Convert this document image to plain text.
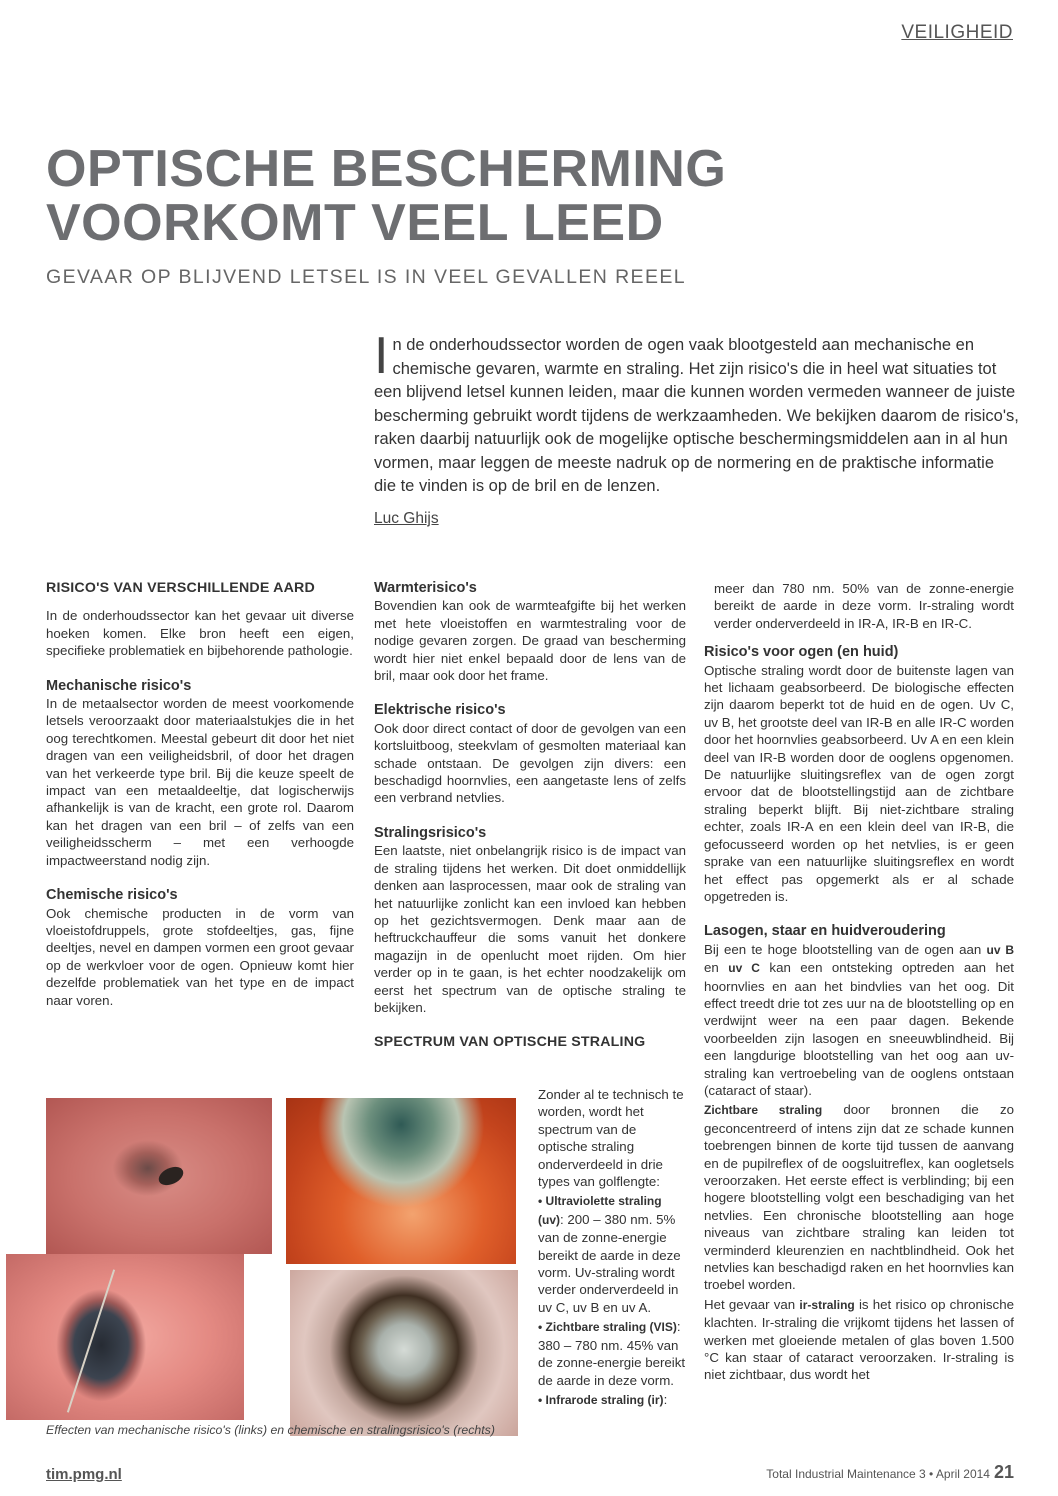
VEILIGHEID
OPTISCHE BESCHERMING
VOORKOMT VEEL LEED
GEVAAR OP BLIJVEND LETSEL IS IN VEEL GEVALLEN REEEL

In de onderhoudssector worden de ogen vaak blootgesteld aan mechanische en chemische gevaren, warmte en straling. Het zijn risico's die in heel wat situaties tot een blijvend letsel kunnen leiden, maar die kunnen worden vermeden wanneer de juiste bescherming gebruikt wordt tijdens de werkzaamheden. We bekijken daarom de risico's, raken daarbij natuurlijk ook de mogelijke optische beschermingsmiddelen aan in al hun vormen, maar leggen de meeste nadruk op de normering en de praktische informatie die te vinden is op de bril en de lenzen.

Luc Ghijs
RISICO'S VAN VERSCHILLENDE AARD

In de onderhoudssector kan het gevaar uit diverse hoeken komen. Elke bron heeft een eigen, specifieke problematiek en bijbehorende pathologie.

Mechanische risico's

In de metaalsector worden de meest voorkomende letsels veroorzaakt door materiaalstukjes die in het oog terechtkomen. Meestal gebeurt dit door het niet dragen van een veiligheidsbril, of door het dragen van het verkeerde type bril. Bij die keuze speelt de impact van een metaaldeeltje, dat logischerwijs afhankelijk is van de kracht, een grote rol. Daarom kan het dragen van een bril – of zelfs van een veiligheidsscherm – met een verhoogde impactweerstand nodig zijn.

Chemische risico's

Ook chemische producten in de vorm van vloeistofdruppels, grote stofdeeltjes, gas, fijne deeltjes, nevel en dampen vormen een groot gevaar op de werkvloer voor de ogen. Opnieuw komt hier dezelfde problematiek van het type en de impact naar voren.

Warmterisico's

Bovendien kan ook de warmteafgifte bij het werken met hete vloeistoffen en warmtestraling voor de nodige gevaren zorgen. De graad van bescherming wordt hier niet enkel bepaald door de lens van de bril, maar ook door het frame.

Elektrische risico's

Ook door direct contact of door de gevolgen van een kortsluitboog, steekvlam of gesmolten materiaal kan schade ontstaan. De gevolgen zijn divers: een beschadigd hoornvlies, een aangetaste lens of zelfs een verbrand netvlies.

Stralingsrisico's

Een laatste, niet onbelangrijk risico is de impact van de straling tijdens het werken. Dit doet onmiddellijk denken aan lasprocessen, maar ook de straling van het natuurlijke zonlicht kan een invloed kan hebben op het gezichtsvermogen. Denk maar aan de heftruckchauffeur die soms vanuit het donkere magazijn in de openlucht moet rijden. Om hier verder op in te gaan, is het echter noodzakelijk om eerst het spectrum van de optische straling te bekijken.

SPECTRUM VAN OPTISCHE STRALING

Zonder al te technisch te worden, wordt het spectrum van de optische straling onderverdeeld in drie types van golflengte:

• Ultraviolette straling (uv): 200 – 380 nm. 5% van de zonne-energie bereikt de aarde in deze vorm. Uv-straling wordt verder onderverdeeld in uv C, uv B en uv A.

• Zichtbare straling (VIS): 380 – 780 nm. 45% van de zonne-energie bereikt de aarde in deze vorm.

• Infrarode straling (ir):

meer dan 780 nm. 50% van de zonne-energie bereikt de aarde in deze vorm. Ir-straling wordt verder onderverdeeld in IR-A, IR-B en IR-C.

Risico's voor ogen (en huid)

Optische straling wordt door de buitenste lagen van het lichaam geabsorbeerd. De biologische effecten zijn daarom beperkt tot de huid en de ogen. Uv C, uv B, het grootste deel van IR-B en alle IR-C worden door het hoornvlies geabsorbeerd. Uv A en een klein deel van IR-B worden door de ooglens opgenomen. De natuurlijke sluitingsreflex van de ogen zorgt ervoor dat de blootstellingstijd aan de zichtbare straling beperkt blijft. Bij niet-zichtbare straling echter, zoals IR-A en een klein deel van IR-B, die gefocusseerd worden op het netvlies, is er geen sprake van een natuurlijke sluitingsreflex en wordt het effect pas opgemerkt als er al schade opgetreden is.

Lasogen, staar en huidveroudering

Bij een te hoge blootstelling van de ogen aan uv B en uv C kan een ontsteking optreden aan het hoornvlies en aan het bindvlies van het oog. Dit effect treedt drie tot zes uur na de blootstelling op en verdwijnt weer na een paar dagen. Bekende voorbeelden zijn lasogen en sneeuwblindheid. Bij een langdurige blootstelling van het oog aan uv-straling kan vertroebeling van de ooglens ontstaan (cataract of staar).

Zichtbare straling door bronnen die zo geconcentreerd of intens zijn dat ze schade kunnen toebrengen binnen de korte tijd tussen de aanvang en de pupilreflex of de oogsluitreflex, kan oogletsels veroorzaken. Het eerste effect is verblinding; bij een hogere blootstelling volgt een beschadiging van het netvlies. Een chronische blootstelling aan hoge niveaus van zichtbare straling kan leiden tot verminderd kleurenzien en nachtblindheid. Ook het netvlies kan beschadigd raken en het hoornvlies kan troebel worden.

Het gevaar van ir-straling is het risico op chronische klachten. Ir-straling die vrijkomt tijdens het lassen of werken met gloeiende metalen of glas boven 1.500 °C kan staar of cataract veroorzaken. Ir-straling is niet zichtbaar, dus wordt het

Effecten van mechanische risico's (links) en chemische en stralingsrisico's (rechts)
tim.pmg.nl	Total Industrial Maintenance 3 • April 2014 21
